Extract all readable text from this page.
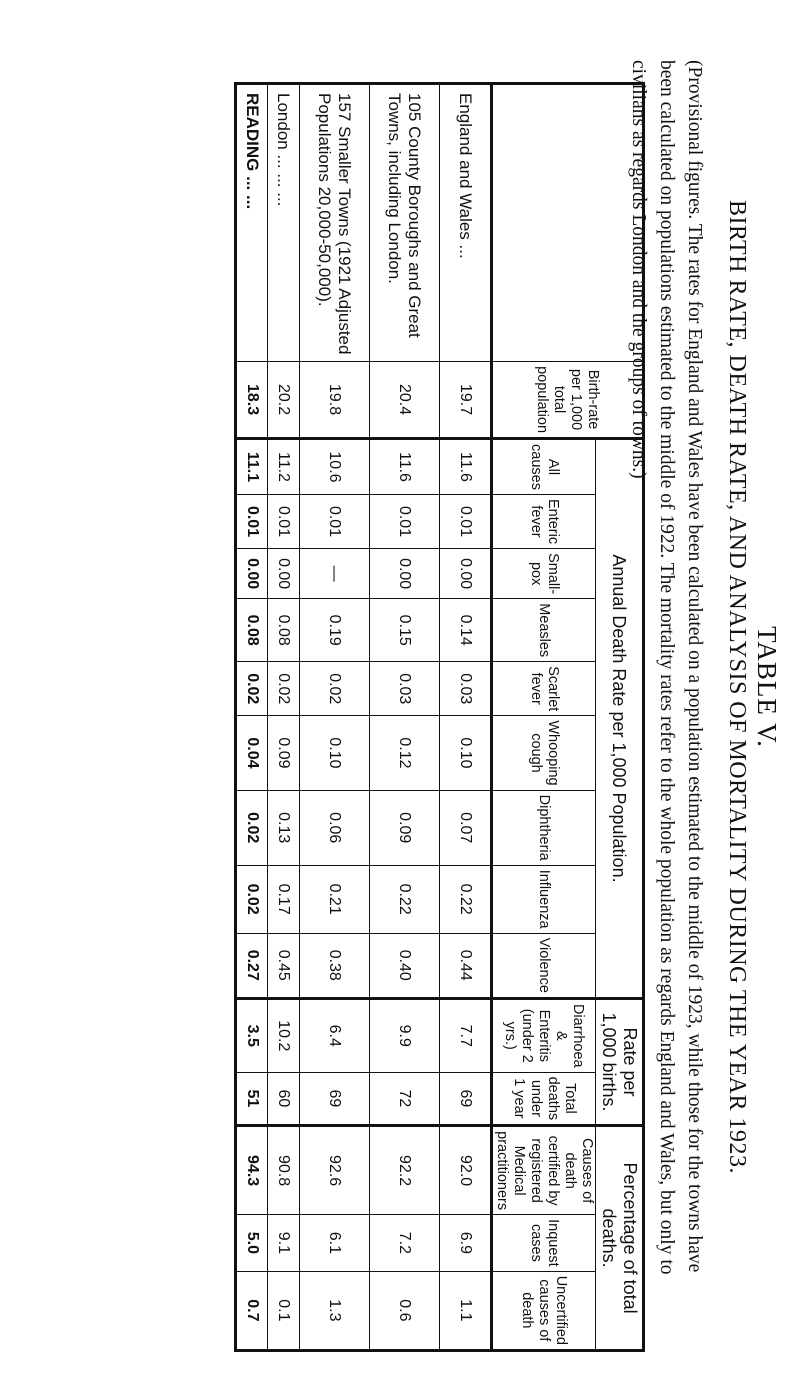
TABLE V.
BIRTH RATE, DEATH RATE, AND ANALYSIS OF MORTALITY DURING THE YEAR 1923.
(Provisional figures. The rates for England and Wales have been calculated on a population estimated to the middle of 1923, while those for the towns have been calculated on populations estimated to the middle of 1922. The mortality rates refer to the whole population as regards England and Wales, but only to civilians as regards London and the groups of towns.)
	Birth-rate per 1,000 total population	Annual Death Rate per 1,000 Population.									Rate per 1,000 births.		Percentage of total deaths.		
		All causes	Enteric fever	Small-pox	Measles	Scarlet fever	Whooping cough	Diphtheria	Influenza	Violence	Diarrhoea & Enteritis (under 2 yrs.)	Total deaths under 1 year	Causes of death certified by registered Medical practitioners	Inquest cases	Uncertified causes of death
England and Wales ...	19.7	11.6	0.01	0.00	0.14	0.03	0.10	0.07	0.22	0.44	7.7	69	92.0	6.9	1.1
105 County Boroughs and Great Towns, including London.	20.4	11.6	0.01	0.00	0.15	0.03	0.12	0.09	0.22	0.40	9.9	72	92.2	7.2	0.6
157 Smaller Towns (1921 Adjusted Populations 20,000-50,000).	19.8	10.6	0.01	—	0.19	0.02	0.10	0.06	0.21	0.38	6.4	69	92.6	6.1	1.3
London ... ... ...	20.2	11.2	0.01	0.00	0.08	0.02	0.09	0.13	0.17	0.45	10.2	60	90.8	9.1	0.1
READING ... ...	18.3	11.1	0.01	0.00	0.08	0.02	0.04	0.02	0.02	0.27	3.5	51	94.3	5.0	0.7
